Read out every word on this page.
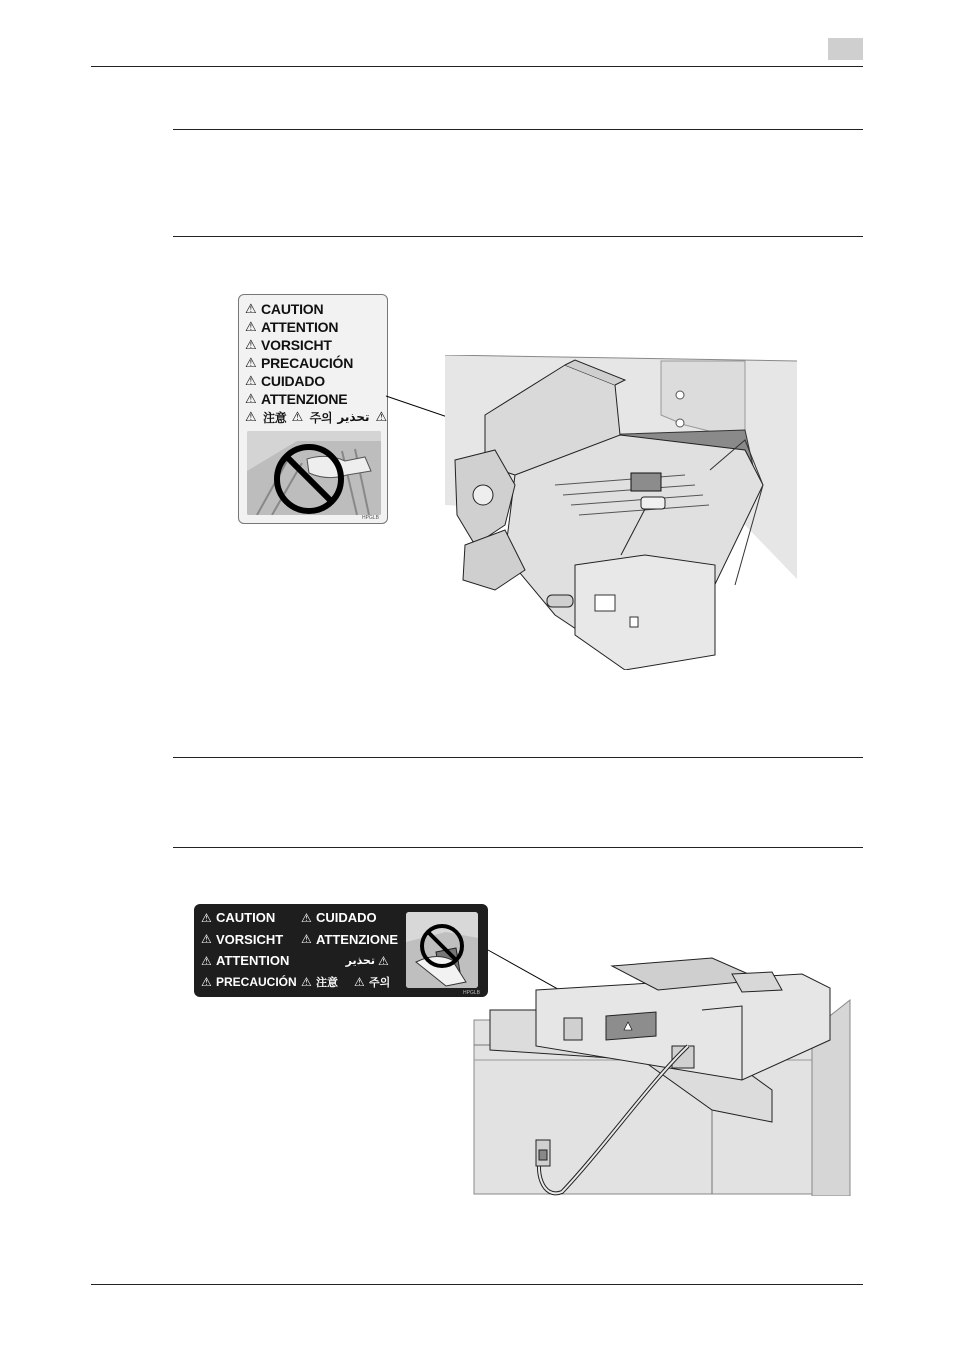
⚠ CAUTION
⚠ ATTENTION
⚠ VORSICHT
⚠ PRECAUCIÓN
⚠ CUIDADO
⚠ ATTENZIONE
⚠ 注意 ⚠ 주의 تحذير ⚠
HPGLB
⚠ CAUTION ⚠ CUIDADO
⚠ VORSICHT ⚠ ATTENZIONE
⚠ ATTENTION	تحذير ⚠
⚠ PRECAUCIÓN ⚠ 注意 ⚠ 주의
HPGLB
